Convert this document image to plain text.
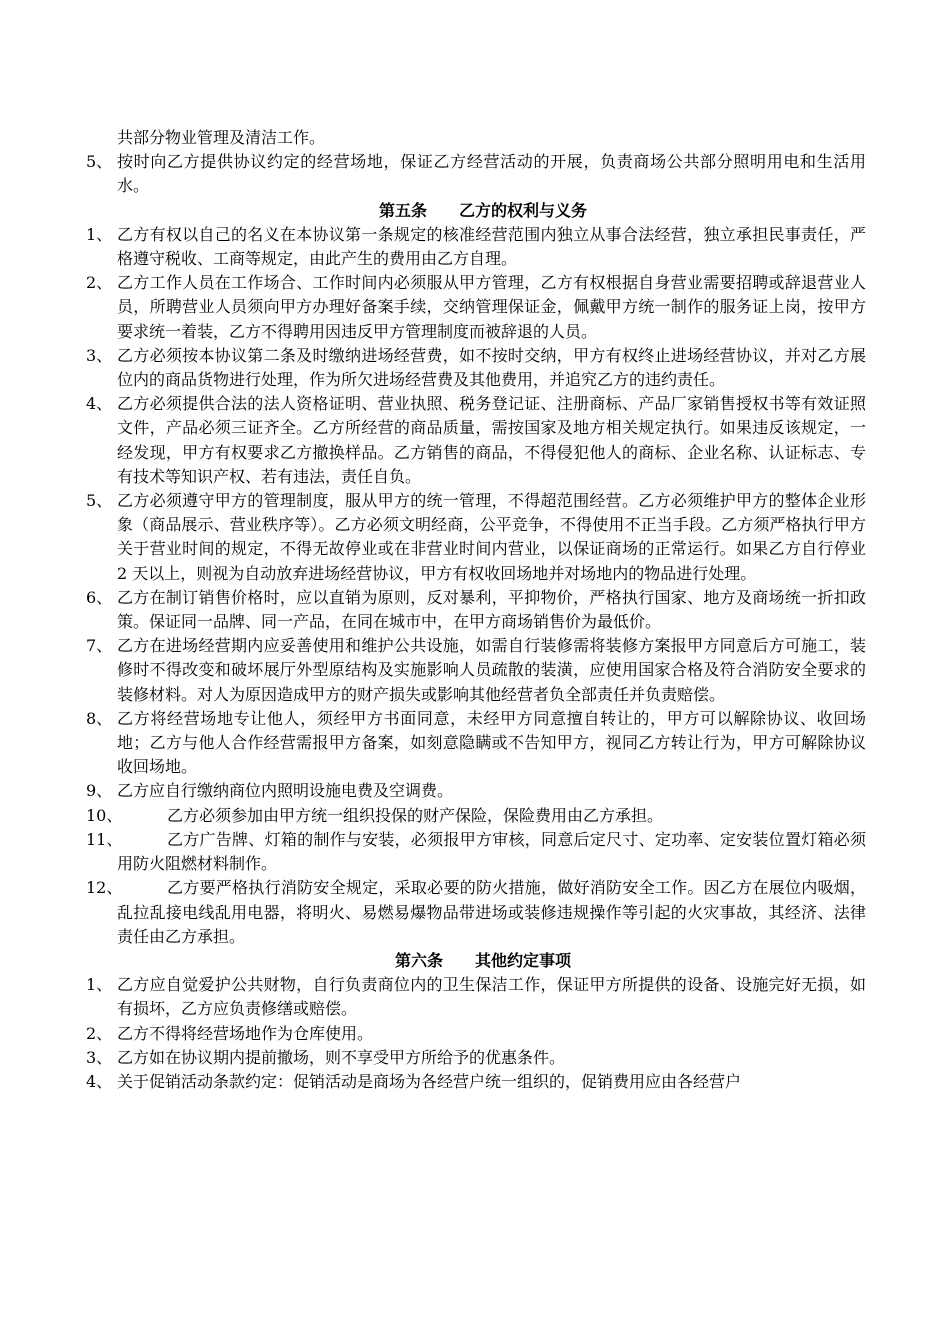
共部分物业管理及清洁工作。

5、 按时向乙方提供协议约定的经营场地，保证乙方经营活动的开展，负责商场公共部分照明用电和生活用水。

第五条　　乙方的权利与义务

1、 乙方有权以自己的名义在本协议第一条规定的核准经营范围内独立从事合法经营，独立承担民事责任，严格遵守税收、工商等规定，由此产生的费用由乙方自理。
2、 乙方工作人员在工作场合、工作时间内必须服从甲方管理，乙方有权根据自身营业需要招聘或辞退营业人员，所聘营业人员须向甲方办理好备案手续，交纳管理保证金，佩戴甲方统一制作的服务证上岗，按甲方要求统一着装，乙方不得聘用因违反甲方管理制度而被辞退的人员。
3、 乙方必须按本协议第二条及时缴纳进场经营费，如不按时交纳，甲方有权终止进场经营协议，并对乙方展位内的商品货物进行处理，作为所欠进场经营费及其他费用，并追究乙方的违约责任。
4、 乙方必须提供合法的法人资格证明、营业执照、税务登记证、注册商标、产品厂家销售授权书等有效证照文件，产品必须三证齐全。乙方所经营的商品质量，需按国家及地方相关规定执行。如果违反该规定，一经发现，甲方有权要求乙方撤换样品。乙方销售的商品，不得侵犯他人的商标、企业名称、认证标志、专有技术等知识产权、若有违法，责任自负。
5、 乙方必须遵守甲方的管理制度，服从甲方的统一管理，不得超范围经营。乙方必须维护甲方的整体企业形象（商品展示、营业秩序等）。乙方必须文明经商，公平竞争，不得使用不正当手段。乙方须严格执行甲方关于营业时间的规定，不得无故停业或在非营业时间内营业，以保证商场的正常运行。如果乙方自行停业 2 天以上，则视为自动放弃进场经营协议，甲方有权收回场地并对场地内的物品进行处理。
6、 乙方在制订销售价格时，应以直销为原则，反对暴利，平抑物价，严格执行国家、地方及商场统一折扣政策。保证同一品牌、同一产品，在同在城市中，在甲方商场销售价为最低价。
7、 乙方在进场经营期内应妥善使用和维护公共设施，如需自行装修需将装修方案报甲方同意后方可施工，装修时不得改变和破坏展厅外型原结构及实施影响人员疏散的装潢，应使用国家合格及符合消防安全要求的装修材料。对人为原因造成甲方的财产损失或影响其他经营者负全部责任并负责赔偿。
8、 乙方将经营场地专让他人，须经甲方书面同意，未经甲方同意擅自转让的，甲方可以解除协议、收回场地；乙方与他人合作经营需报甲方备案，如刻意隐瞒或不告知甲方，视同乙方转让行为，甲方可解除协议收回场地。
9、 乙方应自行缴纳商位内照明设施电费及空调费。
10、	乙方必须参加由甲方统一组织投保的财产保险，保险费用由乙方承担。
11、	乙方广告牌、灯箱的制作与安装，必须报甲方审核，同意后定尺寸、定功率、定安装位置灯箱必须用防火阻燃材料制作。
12、	乙方要严格执行消防安全规定，采取必要的防火措施，做好消防安全工作。因乙方在展位内吸烟，乱拉乱接电线乱用电器，将明火、易燃易爆物品带进场或装修违规操作等引起的火灾事故，其经济、法律责任由乙方承担。

第六条　　其他约定事项

1、 乙方应自觉爱护公共财物，自行负责商位内的卫生保洁工作，保证甲方所提供的设备、设施完好无损，如有损坏，乙方应负责修缮或赔偿。
2、 乙方不得将经营场地作为仓库使用。
3、 乙方如在协议期内提前撤场，则不享受甲方所给予的优惠条件。
4、 关于促销活动条款约定：促销活动是商场为各经营户统一组织的，促销费用应由各经营户
